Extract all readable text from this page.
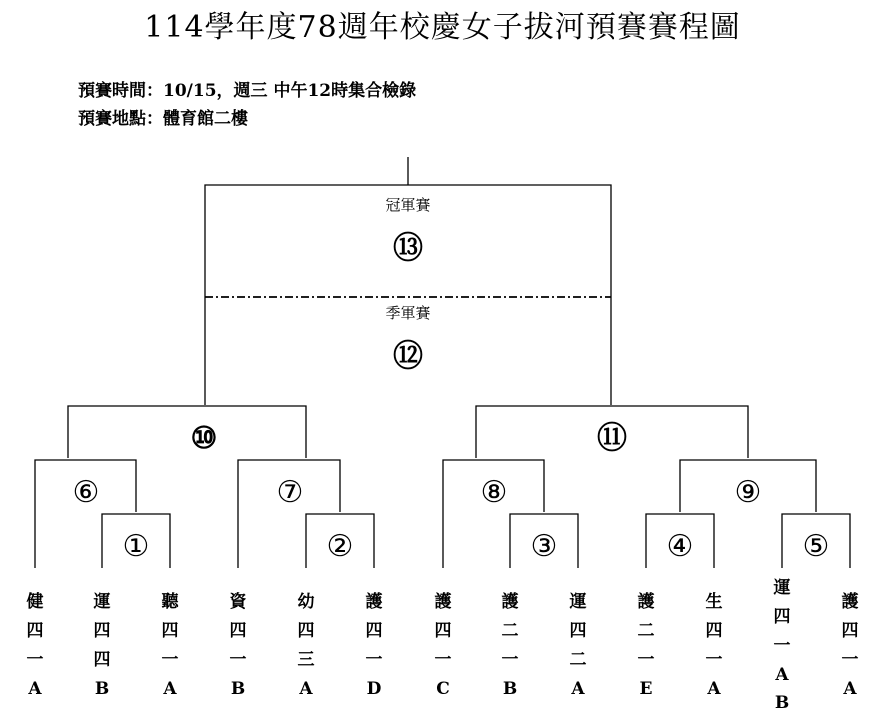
114學年度78週年校慶女子拔河預賽賽程圖
預賽時間：10/15，週三 中午12時集合檢錄
預賽地點：體育館二樓
冠軍賽
季軍賽
⑬
⑫
⑩	⑪
⑥	⑦	⑧	⑨
①	②	③	④	⑤
健
四
一
A
運
四
四
B
聽
四
一
A
資
四
一
B
幼
四
三
A
護
四
一
D
護
四
一
C
護
二
一
B
運
四
二
A
護
二
一
E
生
四
一
A
運
四
一
A
B
護
四
一
A
